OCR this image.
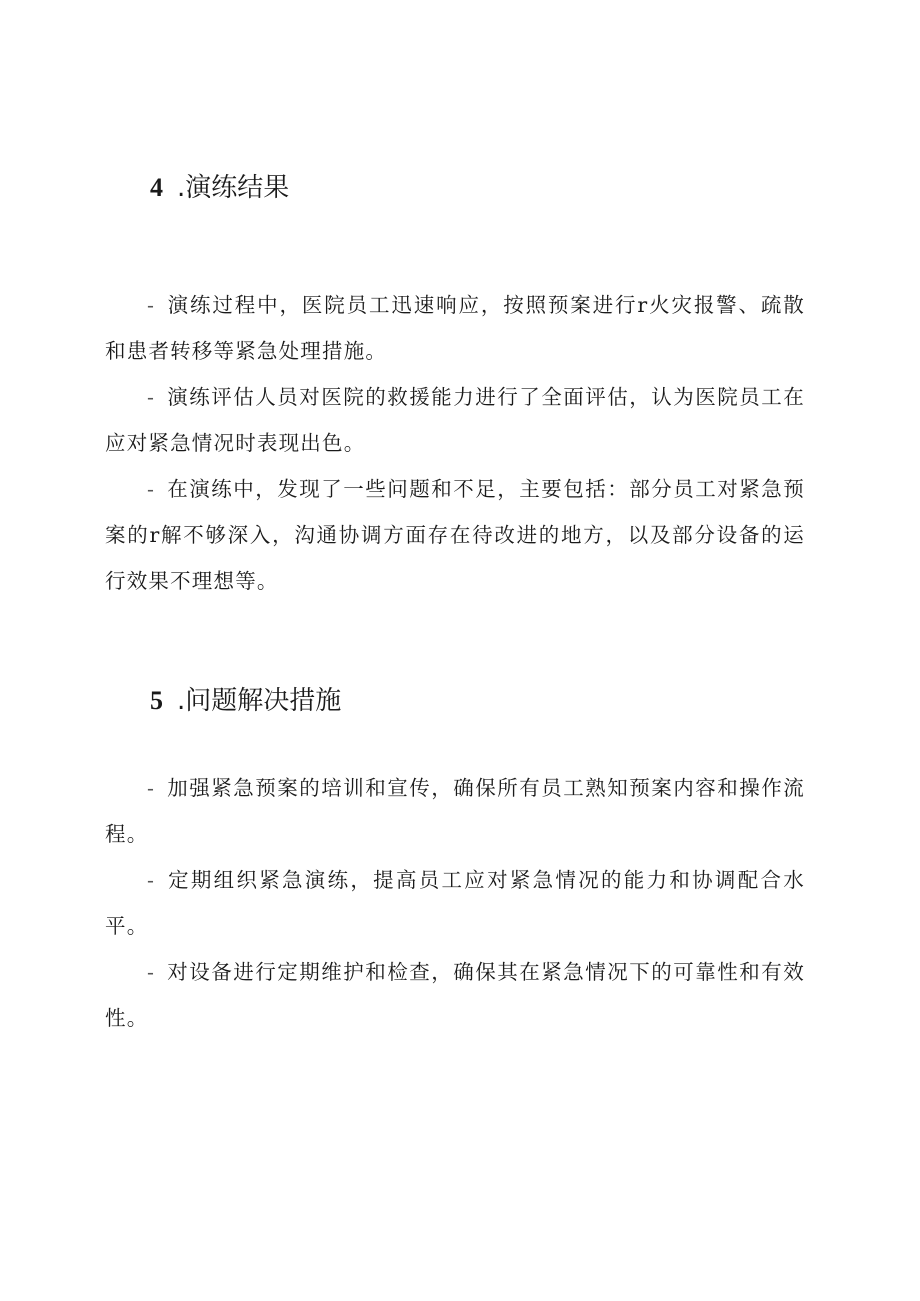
4 .演练结果
- 演练过程中，医院员工迅速响应，按照预案进行r火灾报警、疏散和患者转移等紧急处理措施。
- 演练评估人员对医院的救援能力进行了全面评估，认为医院员工在应对紧急情况时表现出色。
- 在演练中，发现了一些问题和不足，主要包括：部分员工对紧急预案的r解不够深入，沟通协调方面存在待改进的地方，以及部分设备的运行效果不理想等。
5 .问题解决措施
- 加强紧急预案的培训和宣传，确保所有员工熟知预案内容和操作流程。
- 定期组织紧急演练，提高员工应对紧急情况的能力和协调配合水平。
- 对设备进行定期维护和检查，确保其在紧急情况下的可靠性和有效性。
